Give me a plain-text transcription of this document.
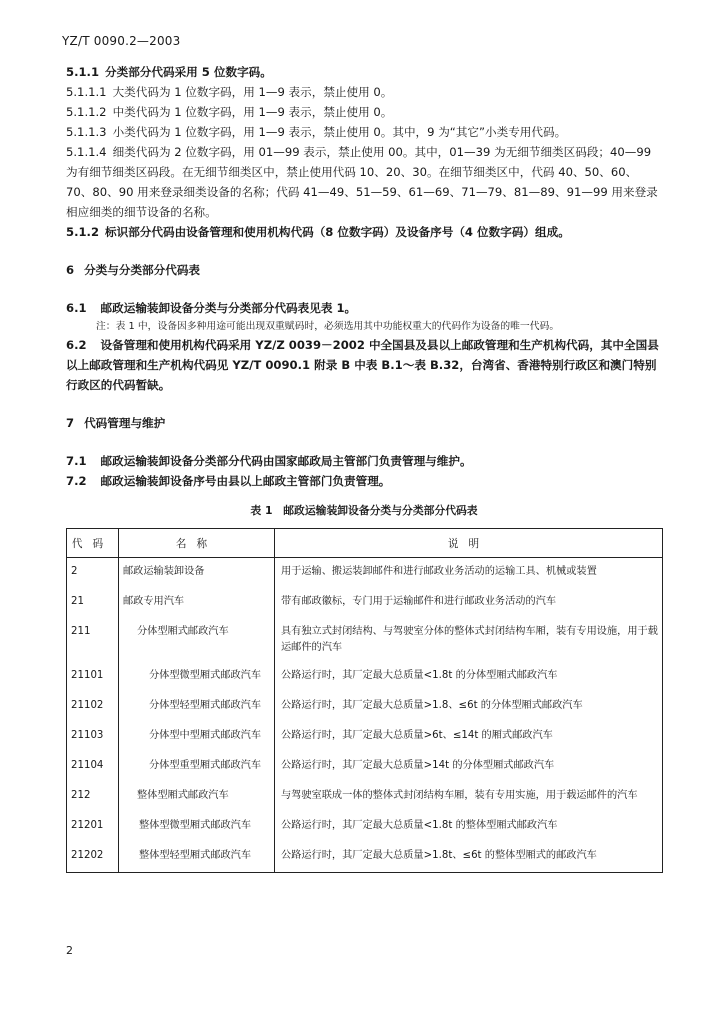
YZ/T 0090.2—2003

5.1.1 分类部分代码采用 5 位数字码。

5.1.1.1 大类代码为 1 位数字码，用 1—9 表示，禁止使用 0。

5.1.1.2 中类代码为 1 位数字码，用 1—9 表示，禁止使用 0。

5.1.1.3 小类代码为 1 位数字码，用 1—9 表示，禁止使用 0。其中，9 为“其它”小类专用代码。

5.1.1.4 细类代码为 2 位数字码，用 01—99 表示，禁止使用 00。其中，01—39 为无细节细类区码段；40—99 为有细节细类区码段。在无细节细类区中，禁止使用代码 10、20、30。在细节细类区中，代码 40、50、60、70、80、90 用来登录细类设备的名称；代码 41—49、51—59、61—69、71—79、81—89、91—99 用来登录相应细类的细节设备的名称。

5.1.2 标识部分代码由设备管理和使用机构代码（8 位数字码）及设备序号（4 位数字码）组成。

6 分类与分类部分代码表

6.1 邮政运输装卸设备分类与分类部分代码表见表 1。

注：表 1 中，设备因多种用途可能出现双重赋码时，必须选用其中功能权重大的代码作为设备的唯一代码。

6.2 设备管理和使用机构代码采用 YZ/Z 0039－2002 中全国县及县以上邮政管理和生产机构代码，其中全国县以上邮政管理和生产机构代码见 YZ/T 0090.1 附录 B 中表 B.1～表 B.32，台湾省、香港特别行政区和澳门特别行政区的代码暂缺。

7 代码管理与维护

7.1 邮政运输装卸设备分类部分代码由国家邮政局主管部门负责管理与维护。

7.2 邮政运输装卸设备序号由县以上邮政主管部门负责管理。

表 1　邮政运输装卸设备分类与分类部分代码表
代码	名称	说明
2	邮政运输装卸设备	用于运输、搬运装卸邮件和进行邮政业务活动的运输工具、机械或装置
21	邮政专用汽车	带有邮政徽标，专门用于运输邮件和进行邮政业务活动的汽车
211	分体型厢式邮政汽车	具有独立式封闭结构、与驾驶室分体的整体式封闭结构车厢，装有专用设施，用于载运邮件的汽车
21101	分体型微型厢式邮政汽车	公路运行时，其厂定最大总质量<1.8t 的分体型厢式邮政汽车
21102	分体型轻型厢式邮政汽车	公路运行时，其厂定最大总质量>1.8、≤6t 的分体型厢式邮政汽车
21103	分体型中型厢式邮政汽车	公路运行时，其厂定最大总质量>6t、≤14t 的厢式邮政汽车
21104	分体型重型厢式邮政汽车	公路运行时，其厂定最大总质量>14t 的分体型厢式邮政汽车
212	整体型厢式邮政汽车	与驾驶室联成一体的整体式封闭结构车厢，装有专用实施，用于载运邮件的汽车
21201	整体型微型厢式邮政汽车	公路运行时，其厂定最大总质量<1.8t 的整体型厢式邮政汽车
21202	整体型轻型厢式邮政汽车	公路运行时，其厂定最大总质量>1.8t、≤6t 的整体型厢式的邮政汽车
2
